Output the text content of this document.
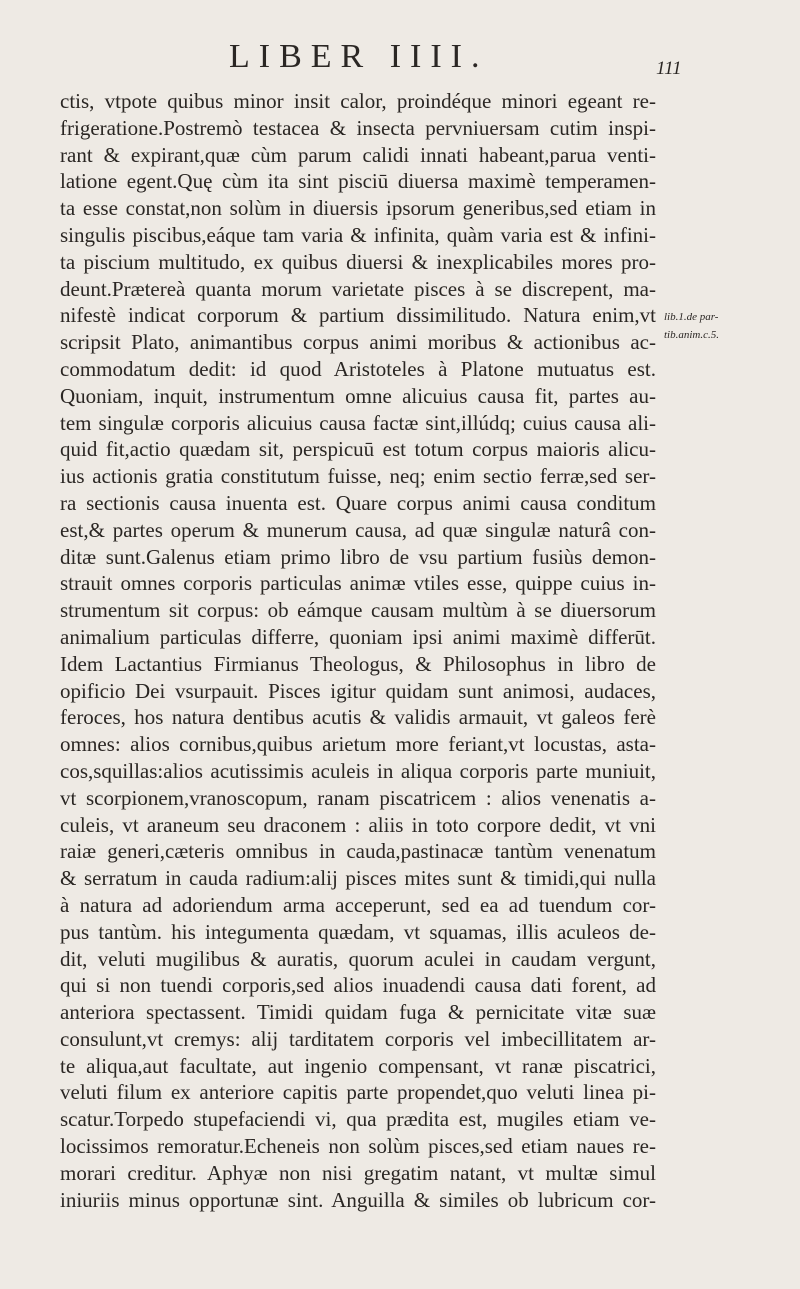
LIBER IIII.	111
lib.1.de par-
tib.anim.c.5.
ctis, vtpote quibus minor insit calor, proindéque minori egeant re-
frigeratione.Postremò testacea & insecta pervniuersam cutim inspi-
rant & expirant,quæ cùm parum calidi innati habeant,parua venti-
latione egent.Quę cùm ita sint pisciū diuersa maximè temperamen-
ta esse constat,non solùm in diuersis ipsorum generibus,sed etiam in
singulis piscibus,eáque tam varia & infinita, quàm varia est & infini-
ta piscium multitudo, ex quibus diuersi & inexplicabiles mores pro-
deunt.Prætereà quanta morum varietate pisces à se discrepent, ma-
nifestè indicat corporum & partium dissimilitudo. Natura enim,vt
scripsit Plato, animantibus corpus animi moribus & actionibus ac-
commodatum dedit: id quod Aristoteles à Platone mutuatus est.
Quoniam, inquit, instrumentum omne alicuius causa fit, partes au-
tem singulæ corporis alicuius causa factæ sint,illúdq; cuius causa ali-
quid fit,actio quædam sit, perspicuū est totum corpus maioris alicu-
ius actionis gratia constitutum fuisse, neq; enim sectio ferræ,sed ser-
ra sectionis causa inuenta est. Quare corpus animi causa conditum
est,& partes operum & munerum causa, ad quæ singulæ naturâ con-
ditæ sunt.Galenus etiam primo libro de vsu partium fusiùs demon-
strauit omnes corporis particulas animæ vtiles esse, quippe cuius in-
strumentum sit corpus: ob eámque causam multùm à se diuersorum
animalium particulas differre, quoniam ipsi animi maximè differūt.
Idem Lactantius Firmianus Theologus, & Philosophus in libro de
opificio Dei vsurpauit. Pisces igitur quidam sunt animosi, audaces,
feroces, hos natura dentibus acutis & validis armauit, vt galeos ferè
omnes: alios cornibus,quibus arietum more feriant,vt locustas, asta-
cos,squillas:alios acutissimis aculeis in aliqua corporis parte muniuit,
vt scorpionem,vranoscopum, ranam piscatricem : alios venenatis a-
culeis, vt araneum seu draconem : aliis in toto corpore dedit, vt vni
raiæ generi,cæteris omnibus in cauda,pastinacæ tantùm venenatum
& serratum in cauda radium:alij pisces mites sunt & timidi,qui nulla
à natura ad adoriendum arma acceperunt, sed ea ad tuendum cor-
pus tantùm. his integumenta quædam, vt squamas, illis aculeos de-
dit, veluti mugilibus & auratis, quorum aculei in caudam vergunt,
qui si non tuendi corporis,sed alios inuadendi causa dati forent, ad
anteriora spectassent. Timidi quidam fuga & pernicitate vitæ suæ
consulunt,vt cremys: alij tarditatem corporis vel imbecillitatem ar-
te aliqua,aut facultate, aut ingenio compensant, vt ranæ piscatrici,
veluti filum ex anteriore capitis parte propendet,quo veluti linea pi-
scatur.Torpedo stupefaciendi vi, qua prædita est, mugiles etiam ve-
locissimos remoratur.Echeneis non solùm pisces,sed etiam naues re-
morari creditur. Aphyæ non nisi gregatim natant, vt multæ simul
iniuriis minus opportunæ sint. Anguilla & similes ob lubricum cor-
